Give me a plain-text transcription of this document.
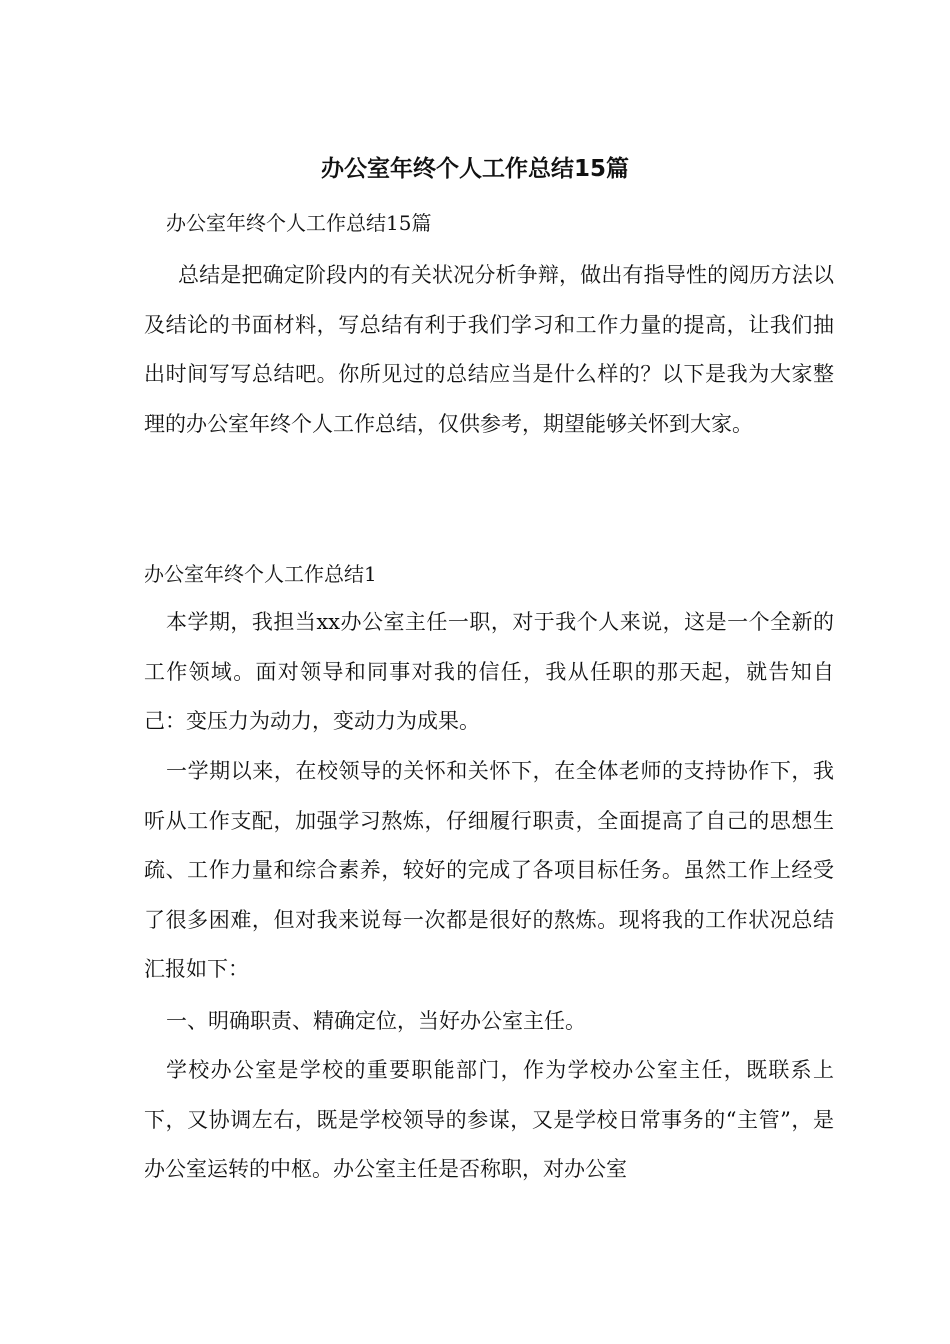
办公室年终个人工作总结15篇

办公室年终个人工作总结15篇

总结是把确定阶段内的有关状况分析争辩，做出有指导性的阅历方法以及结论的书面材料，写总结有利于我们学习和工作力量的提高，让我们抽出时间写写总结吧。你所见过的总结应当是什么样的？以下是我为大家整理的办公室年终个人工作总结，仅供参考，期望能够关怀到大家。

办公室年终个人工作总结1

本学期，我担当xx办公室主任一职，对于我个人来说，这是一个全新的工作领域。面对领导和同事对我的信任，我从任职的那天起，就告知自己：变压力为动力，变动力为成果。

一学期以来，在校领导的关怀和关怀下，在全体老师的支持协作下，我听从工作支配，加强学习熬炼，仔细履行职责，全面提高了自己的思想生疏、工作力量和综合素养，较好的完成了各项目标任务。虽然工作上经受了很多困难，但对我来说每一次都是很好的熬炼。现将我的工作状况总结汇报如下：

一、明确职责、精确定位，当好办公室主任。

学校办公室是学校的重要职能部门，作为学校办公室主任，既联系上下，又协调左右，既是学校领导的参谋，又是学校日常事务的“主管”，是办公室运转的中枢。办公室主任是否称职，对办公室
